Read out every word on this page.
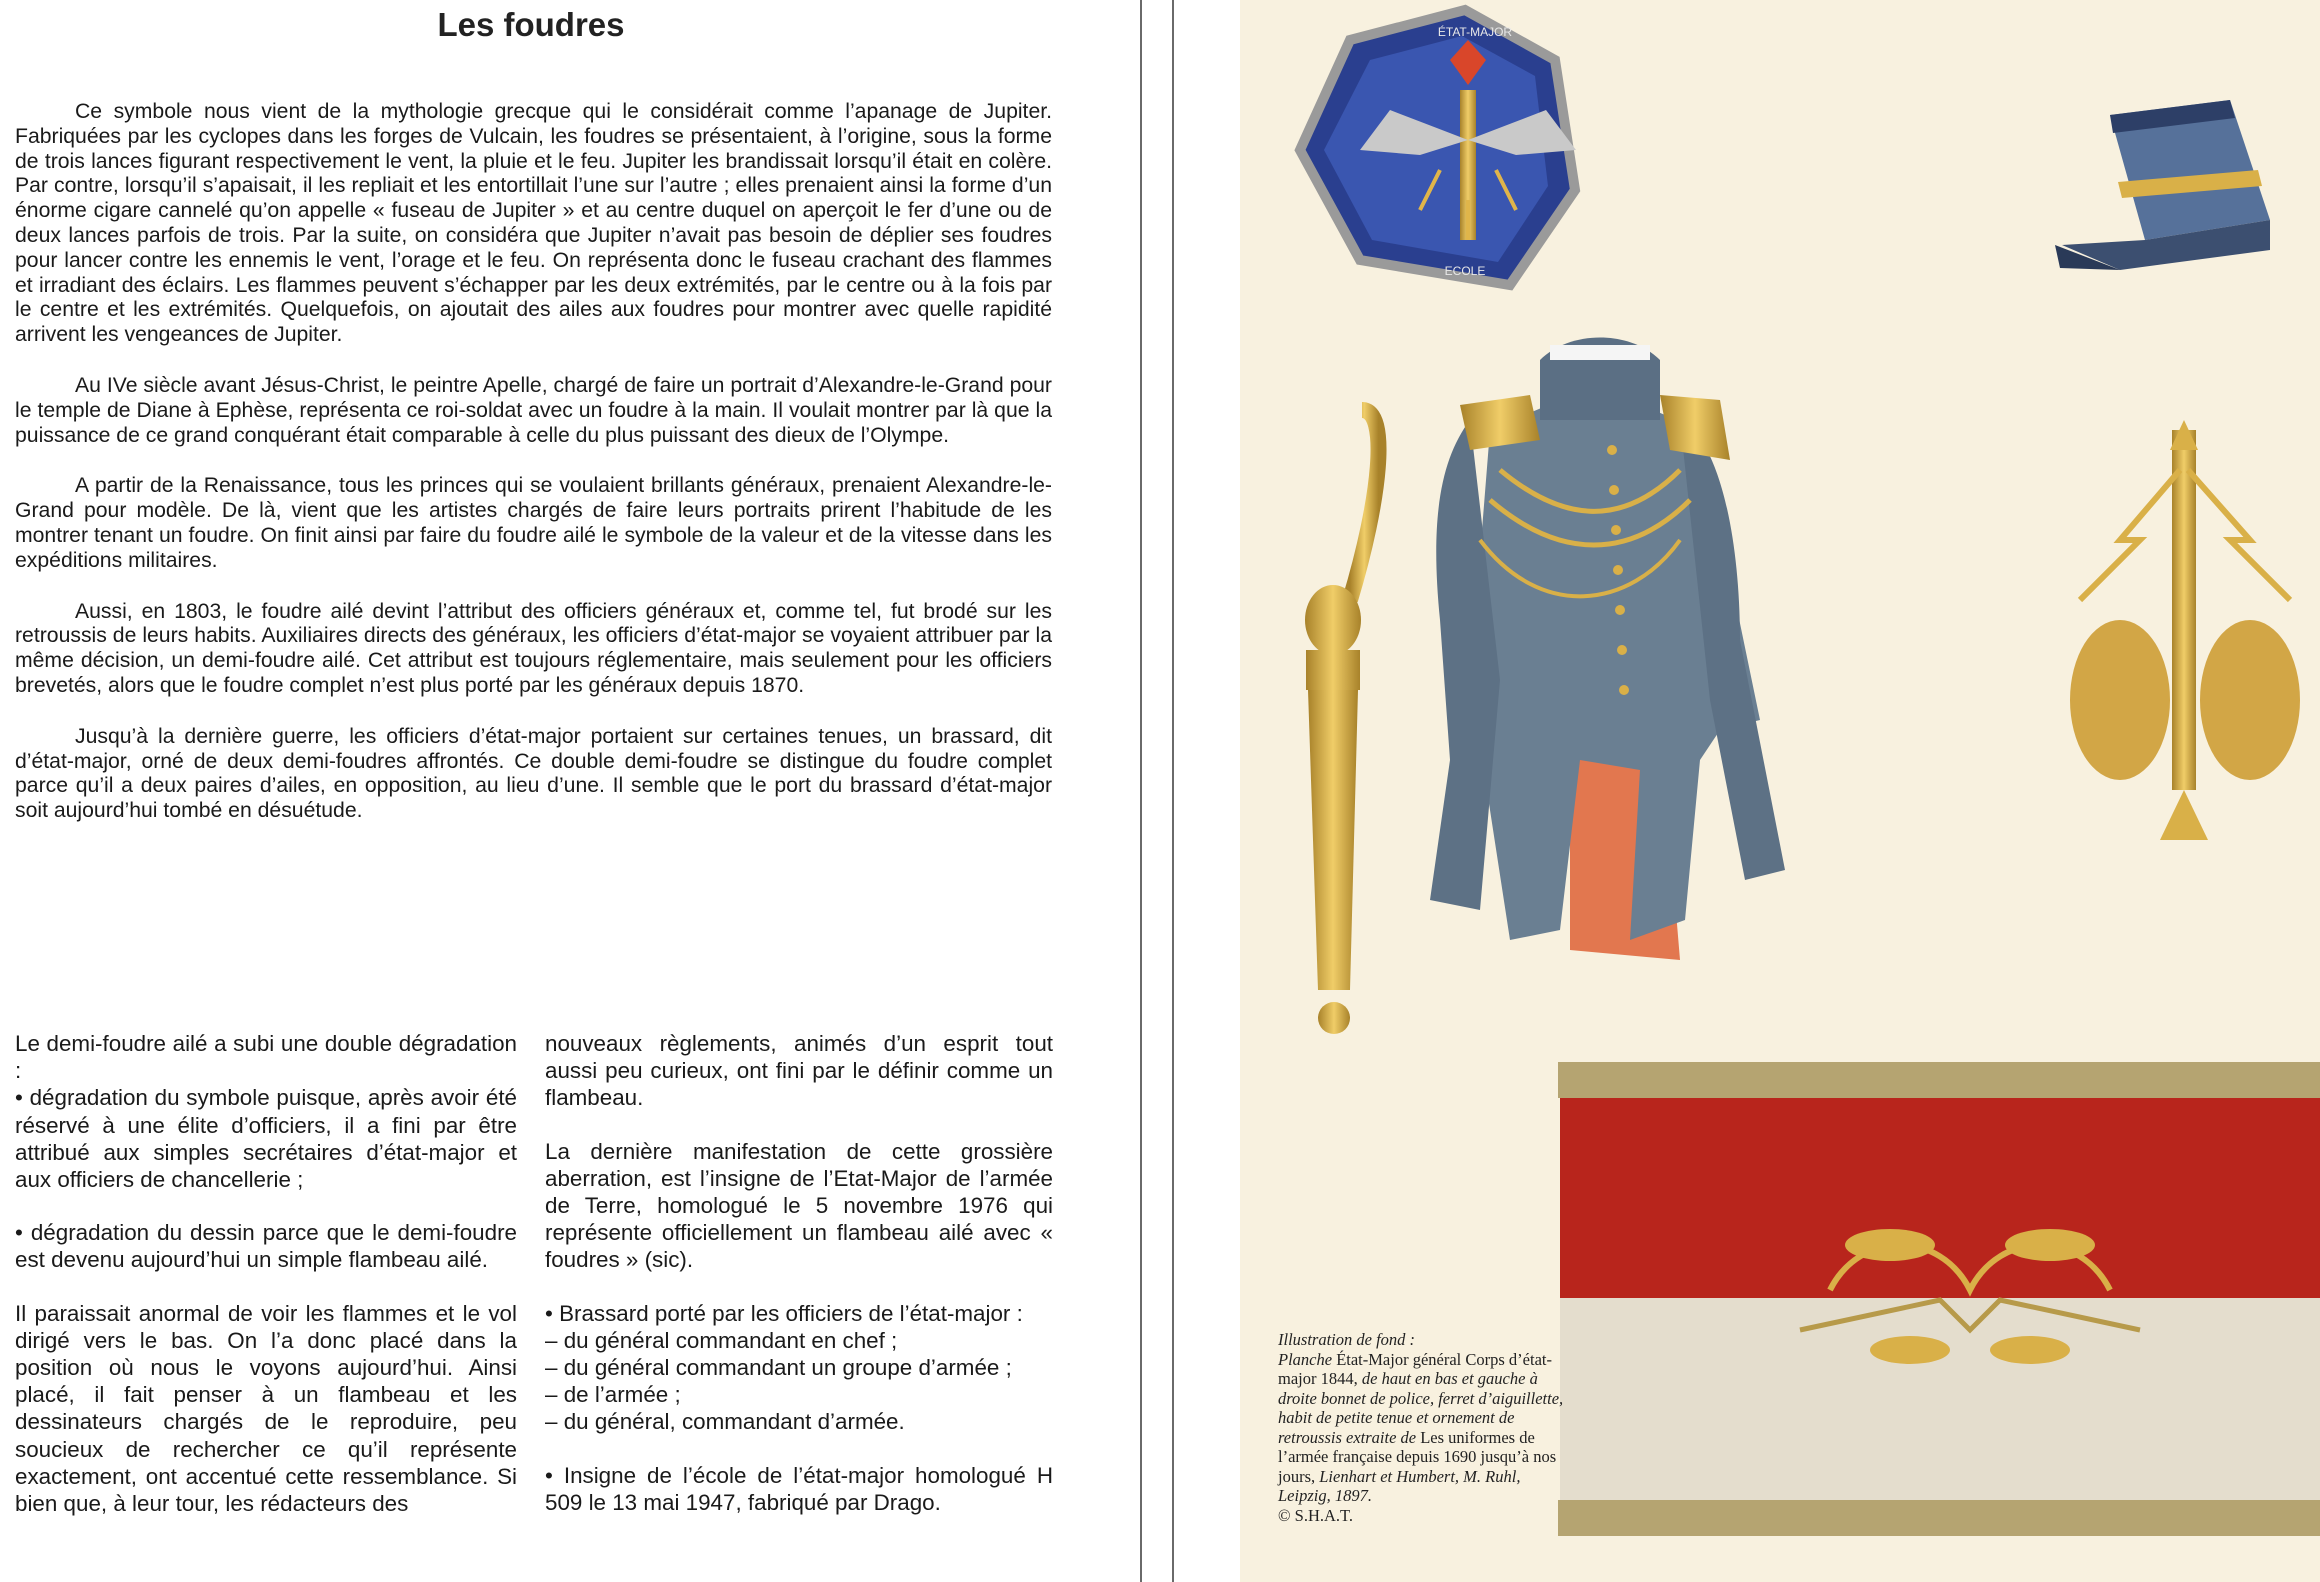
Les foudres

Ce symbole nous vient de la mythologie grecque qui le considérait comme l’apanage de Jupiter. Fabriquées par les cyclopes dans les forges de Vulcain, les foudres se présentaient, à l’origine, sous la forme de trois lances figurant respectivement le vent, la pluie et le feu. Jupiter les brandissait lorsqu’il était en colère. Par contre, lorsqu’il s’apaisait, il les repliait et les entortillait l’une sur l’autre ; elles prenaient ainsi la forme d’un énorme cigare cannelé qu’on appelle « fuseau de Jupiter » et au centre duquel on aperçoit le fer d’une ou de deux lances parfois de trois. Par la suite, on considéra que Jupiter n’avait pas besoin de déplier ses foudres pour lancer contre les ennemis le vent, l’orage et le feu. On représenta donc le fuseau crachant des flammes et irradiant des éclairs. Les flammes peuvent s’échapper par les deux extrémités, par le centre ou à la fois par le centre et les extrémités. Quelquefois, on ajoutait des ailes aux foudres pour montrer avec quelle rapidité arrivent les vengeances de Jupiter.

Au IVe siècle avant Jésus-Christ, le peintre Apelle, chargé de faire un portrait d’Alexandre-le-Grand pour le temple de Diane à Ephèse, représenta ce roi-soldat avec un foudre à la main. Il voulait montrer par là que la puissance de ce grand conquérant était comparable à celle du plus puissant des dieux de l’Olympe.

A partir de la Renaissance, tous les princes qui se voulaient brillants généraux, prenaient Alexandre-le-Grand pour modèle. De là, vient que les artistes chargés de faire leurs portraits prirent l’habitude de les montrer tenant un foudre. On finit ainsi par faire du foudre ailé le symbole de la valeur et de la vitesse dans les expéditions militaires.

Aussi, en 1803, le foudre ailé devint l’attribut des officiers généraux et, comme tel, fut brodé sur les retroussis de leurs habits. Auxiliaires directs des généraux, les officiers d’état-major se voyaient attribuer par la même décision, un demi-foudre ailé. Cet attribut est toujours réglementaire, mais seulement pour les officiers brevetés, alors que le foudre complet n’est plus porté par les généraux depuis 1870.

Jusqu’à la dernière guerre, les officiers d’état-major portaient sur certaines tenues, un brassard, dit d’état-major, orné de deux demi-foudres affrontés. Ce double demi-foudre se distingue du foudre complet parce qu’il a deux paires d’ailes, en opposition, au lieu d’une. Il semble que le port du brassard d’état-major soit aujourd’hui tombé en désuétude.

Le demi-foudre ailé a subi une double dégradation :

• dégradation du symbole puisque, après avoir été réservé à une élite d’officiers, il a fini par être attribué aux simples secrétaires d’état-major et aux officiers de chancellerie ;

• dégradation du dessin parce que le demi-foudre est devenu aujourd’hui un simple flambeau ailé.

Il paraissait anormal de voir les flammes et le vol dirigé vers le bas. On l’a donc placé dans la position où nous le voyons aujourd’hui. Ainsi placé, il fait penser à un flambeau et les dessinateurs chargés de le reproduire, peu soucieux de rechercher ce qu’il représente exactement, ont accentué cette ressemblance. Si bien que, à leur tour, les rédacteurs des

nouveaux règlements, animés d’un esprit tout aussi peu curieux, ont fini par le définir comme un flambeau.

La dernière manifestation de cette grossière aberration, est l’insigne de l’Etat-Major de l’armée de Terre, homologué le 5 novembre 1976 qui représente officiellement un flambeau ailé avec « foudres » (sic).

• Brassard porté par les officiers de l’état-major :

– du général commandant en chef ;
– du général commandant un groupe d’armée ;
– de l’armée ;
– du général, commandant d’armée.

• Insigne de l’école de l’état-major homologué H 509 le 13 mai 1947, fabriqué par Drago.

ÉTAT-MAJOR
ECOLE
Illustration de fond :
Planche État-Major général Corps d’état-major 1844, de haut en bas et gauche à droite bonnet de police, ferret d’aiguillette, habit de petite tenue et ornement de retroussis extraite de Les uniformes de l’armée française depuis 1690 jusqu’à nos jours, Lienhart et Humbert, M. Ruhl, Leipzig, 1897.
© S.H.A.T.
